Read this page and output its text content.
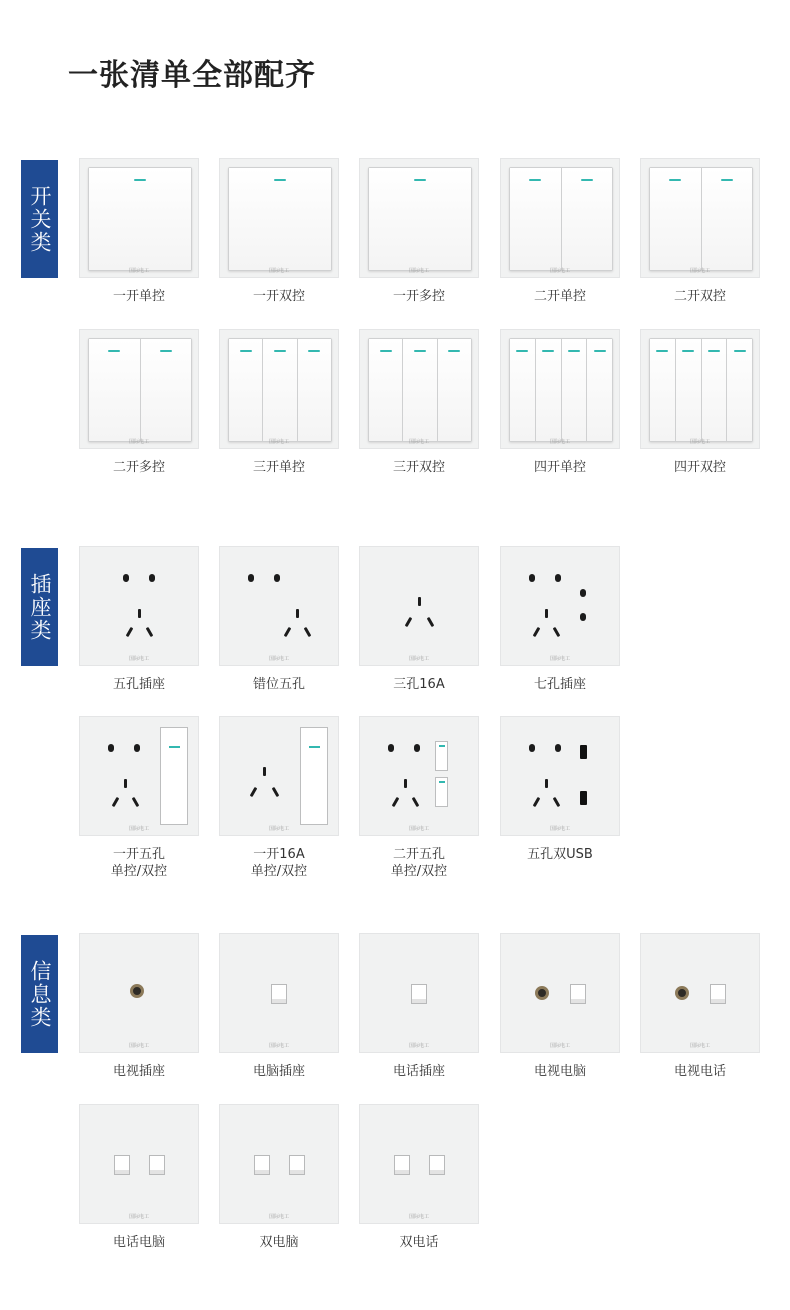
一张清单全部配齐
开关类
国际电工
一开单控
国际电工
一开双控
国际电工
一开多控
国际电工
二开单控
国际电工
二开双控
国际电工
二开多控
国际电工
三开单控
国际电工
三开双控
国际电工
四开单控
国际电工
四开双控
插座类
国际电工
五孔插座
国际电工
错位五孔
国际电工
三孔16A
国际电工
七孔插座
国际电工
一开五孔
单控/双控
国际电工
一开16A
单控/双控
国际电工
二开五孔
单控/双控
国际电工
五孔双USB
信息类
国际电工
电视插座
国际电工
电脑插座
国际电工
电话插座
国际电工
电视电脑
国际电工
电视电话
国际电工
电话电脑
国际电工
双电脑
国际电工
双电话
